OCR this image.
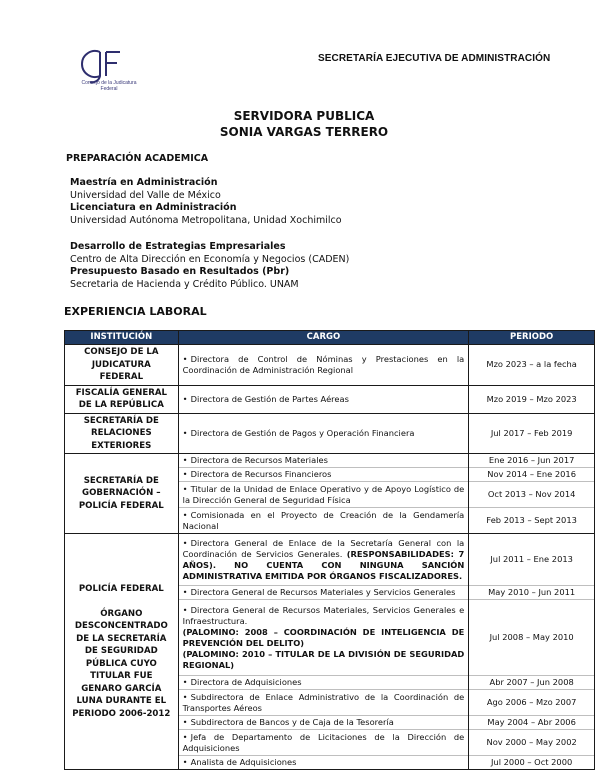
Consejo de la Judicatura Federal
SECRETARÍA EJECUTIVA DE ADMINISTRACIÓN
SERVIDORA PUBLICA
SONIA VARGAS TERRERO
PREPARACIÓN ACADEMICA
Maestría en Administración
Universidad del Valle de México
Licenciatura en Administración
Universidad Autónoma Metropolitana, Unidad Xochimilco
Desarrollo de Estrategias Empresariales
Centro de Alta Dirección en Economía y Negocios (CADEN)
Presupuesto Basado en Resultados (Pbr)
Secretaria de Hacienda y Crédito Público. UNAM
EXPERIENCIA LABORAL
INSTITUCIÓN	CARGO	PERIODO
CONSEJO DE LA JUDICATURA FEDERAL	• Directora de Control de Nóminas y Prestaciones en la Coordinación de Administración Regional	Mzo 2023 – a la fecha
FISCALÍA GENERAL DE LA REPÚBLICA	• Directora de Gestión de Partes Aéreas	Mzo 2019 – Mzo 2023
SECRETARÍA DE RELACIONES EXTERIORES	• Directora de Gestión de Pagos y Operación Financiera	Jul 2017 – Feb 2019
SECRETARÍA DE GOBERNACIÓN – POLICÍA FEDERAL	• Directora de Recursos Materiales	Ene 2016 – Jun 2017
	• Directora de Recursos Financieros	Nov 2014 – Ene 2016
	• Titular de la Unidad de Enlace Operativo y de Apoyo Logístico de la Dirección General de Seguridad Física	Oct 2013 – Nov 2014
	• Comisionada en el Proyecto de Creación de la Gendamería Nacional	Feb 2013 – Sept 2013

POLICÍA FEDERAL
ÓRGANO DESCONCENTRADO DE LA SECRETARÍA DE SEGURIDAD PÚBLICA CUYO TITULAR FUE GENARO GARCÍA LUNA DURANTE EL PERIODO 2006-2012	• Directora General de Enlace de la Secretaría General con la Coordinación de Servicios Generales. (RESPONSABILIDADES: 7 AÑOS). NO CUENTA CON NINGUNA SANCIÓN ADMINISTRATIVA EMITIDA POR ÓRGANOS FISCALIZADORES.	Jul 2011 – Ene 2013
	• Directora General de Recursos Materiales y Servicios Generales	May 2010 – Jun 2011
	• Directora General de Recursos Materiales, Servicios Generales e Infraestructura.
(PALOMINO: 2008 – COORDINACIÓN DE INTELIGENCIA DE PREVENCIÓN DEL DELITO)
(PALOMINO: 2010 – TITULAR DE LA DIVISIÓN DE SEGURIDAD REGIONAL)	Jul 2008 – May 2010
	• Directora de Adquisiciones	Abr 2007 – Jun 2008
	• Subdirectora de Enlace Administrativo de la Coordinación de Transportes Aéreos	Ago 2006 – Mzo 2007
	• Subdirectora de Bancos y de Caja de la Tesorería	May 2004 – Abr 2006
	• Jefa de Departamento de Licitaciones de la Dirección de Adquisiciones	Nov 2000 – May 2002
	• Analista de Adquisiciones	Jul 2000 – Oct 2000
